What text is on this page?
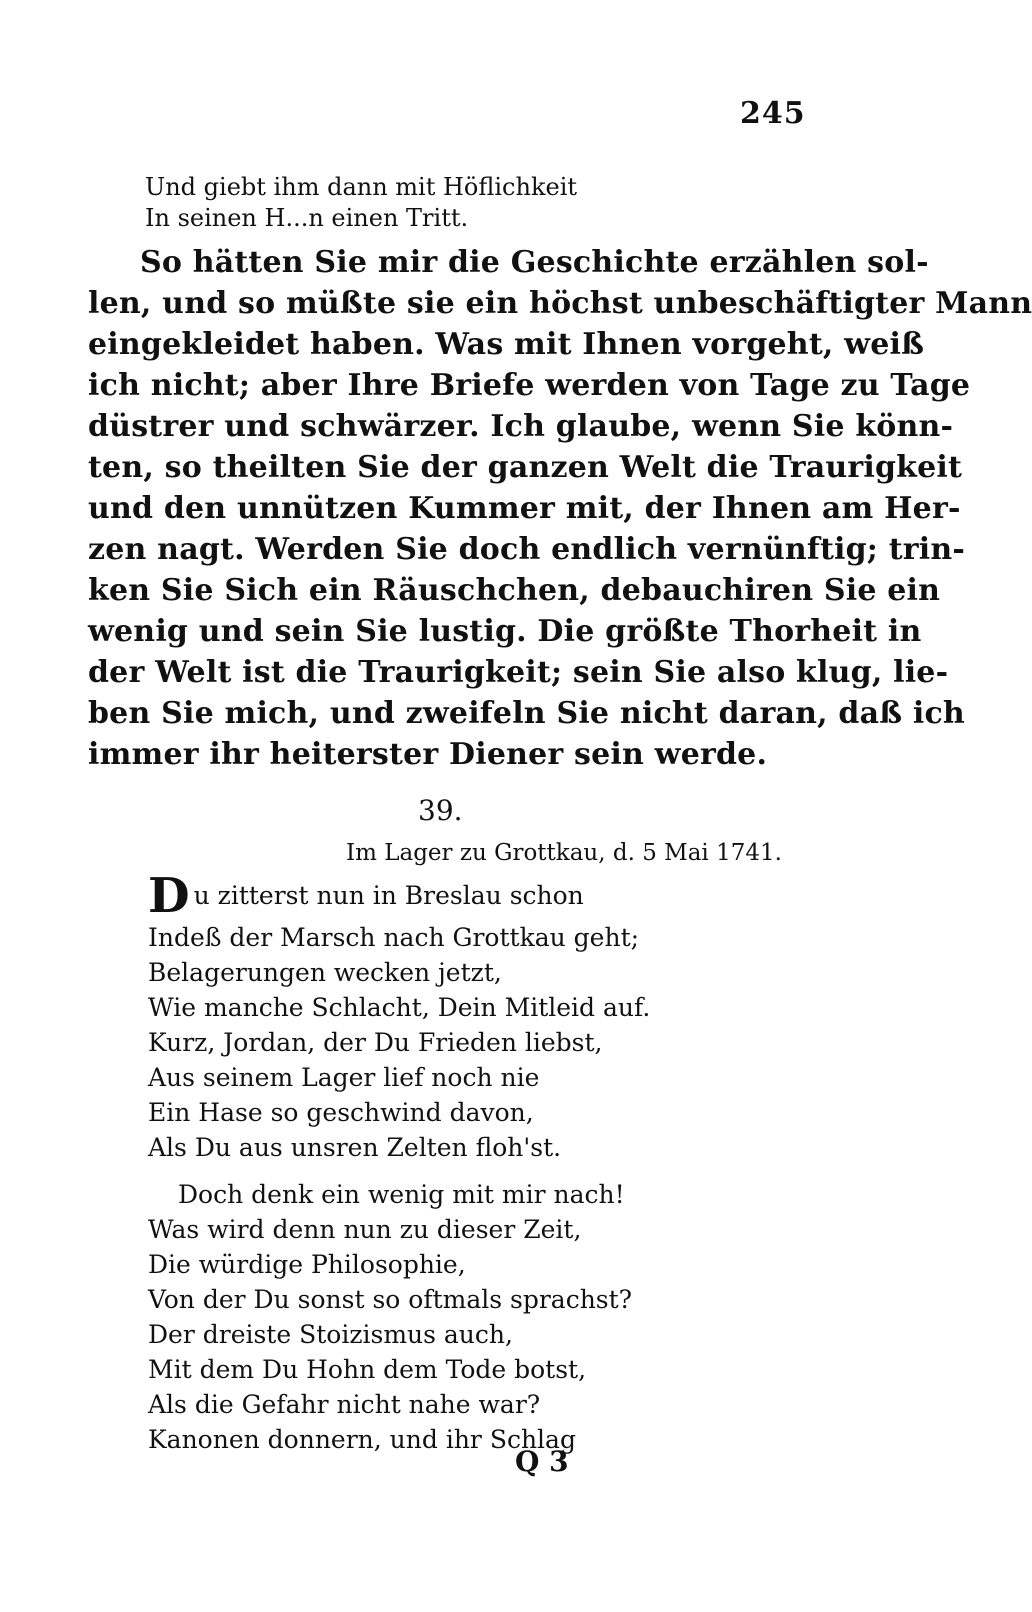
245
Und giebt ihm dann mit Höflichkeit
In seinen H...n einen Tritt.
So hätten Sie mir die Geschichte erzählen sol-
len, und so müßte sie ein höchst unbeschäftigter Mann
eingekleidet haben. Was mit Ihnen vorgeht, weiß
ich nicht; aber Ihre Briefe werden von Tage zu Tage
düstrer und schwärzer. Ich glaube, wenn Sie könn-
ten, so theilten Sie der ganzen Welt die Traurigkeit
und den unnützen Kummer mit, der Ihnen am Her-
zen nagt. Werden Sie doch endlich vernünftig; trin-
ken Sie Sich ein Räuschchen, debauchiren Sie ein
wenig und sein Sie lustig. Die größte Thorheit in
der Welt ist die Traurigkeit; sein Sie also klug, lie-
ben Sie mich, und zweifeln Sie nicht daran, daß ich
immer ihr heiterster Diener sein werde.
39.
Im Lager zu Grottkau, d. 5 Mai 1741.
Du zitterst nun in Breslau schon
Indeß der Marsch nach Grottkau geht;
Belagerungen wecken jetzt,
Wie manche Schlacht, Dein Mitleid auf.
Kurz, Jordan, der Du Frieden liebst,
Aus seinem Lager lief noch nie
Ein Hase so geschwind davon,
Als Du aus unsren Zelten floh'st.
Doch denk ein wenig mit mir nach!
Was wird denn nun zu dieser Zeit,
Die würdige Philosophie,
Von der Du sonst so oftmals sprachst?
Der dreiste Stoizismus auch,
Mit dem Du Hohn dem Tode botst,
Als die Gefahr nicht nahe war?
Kanonen donnern, und ihr Schlag
Q 3
